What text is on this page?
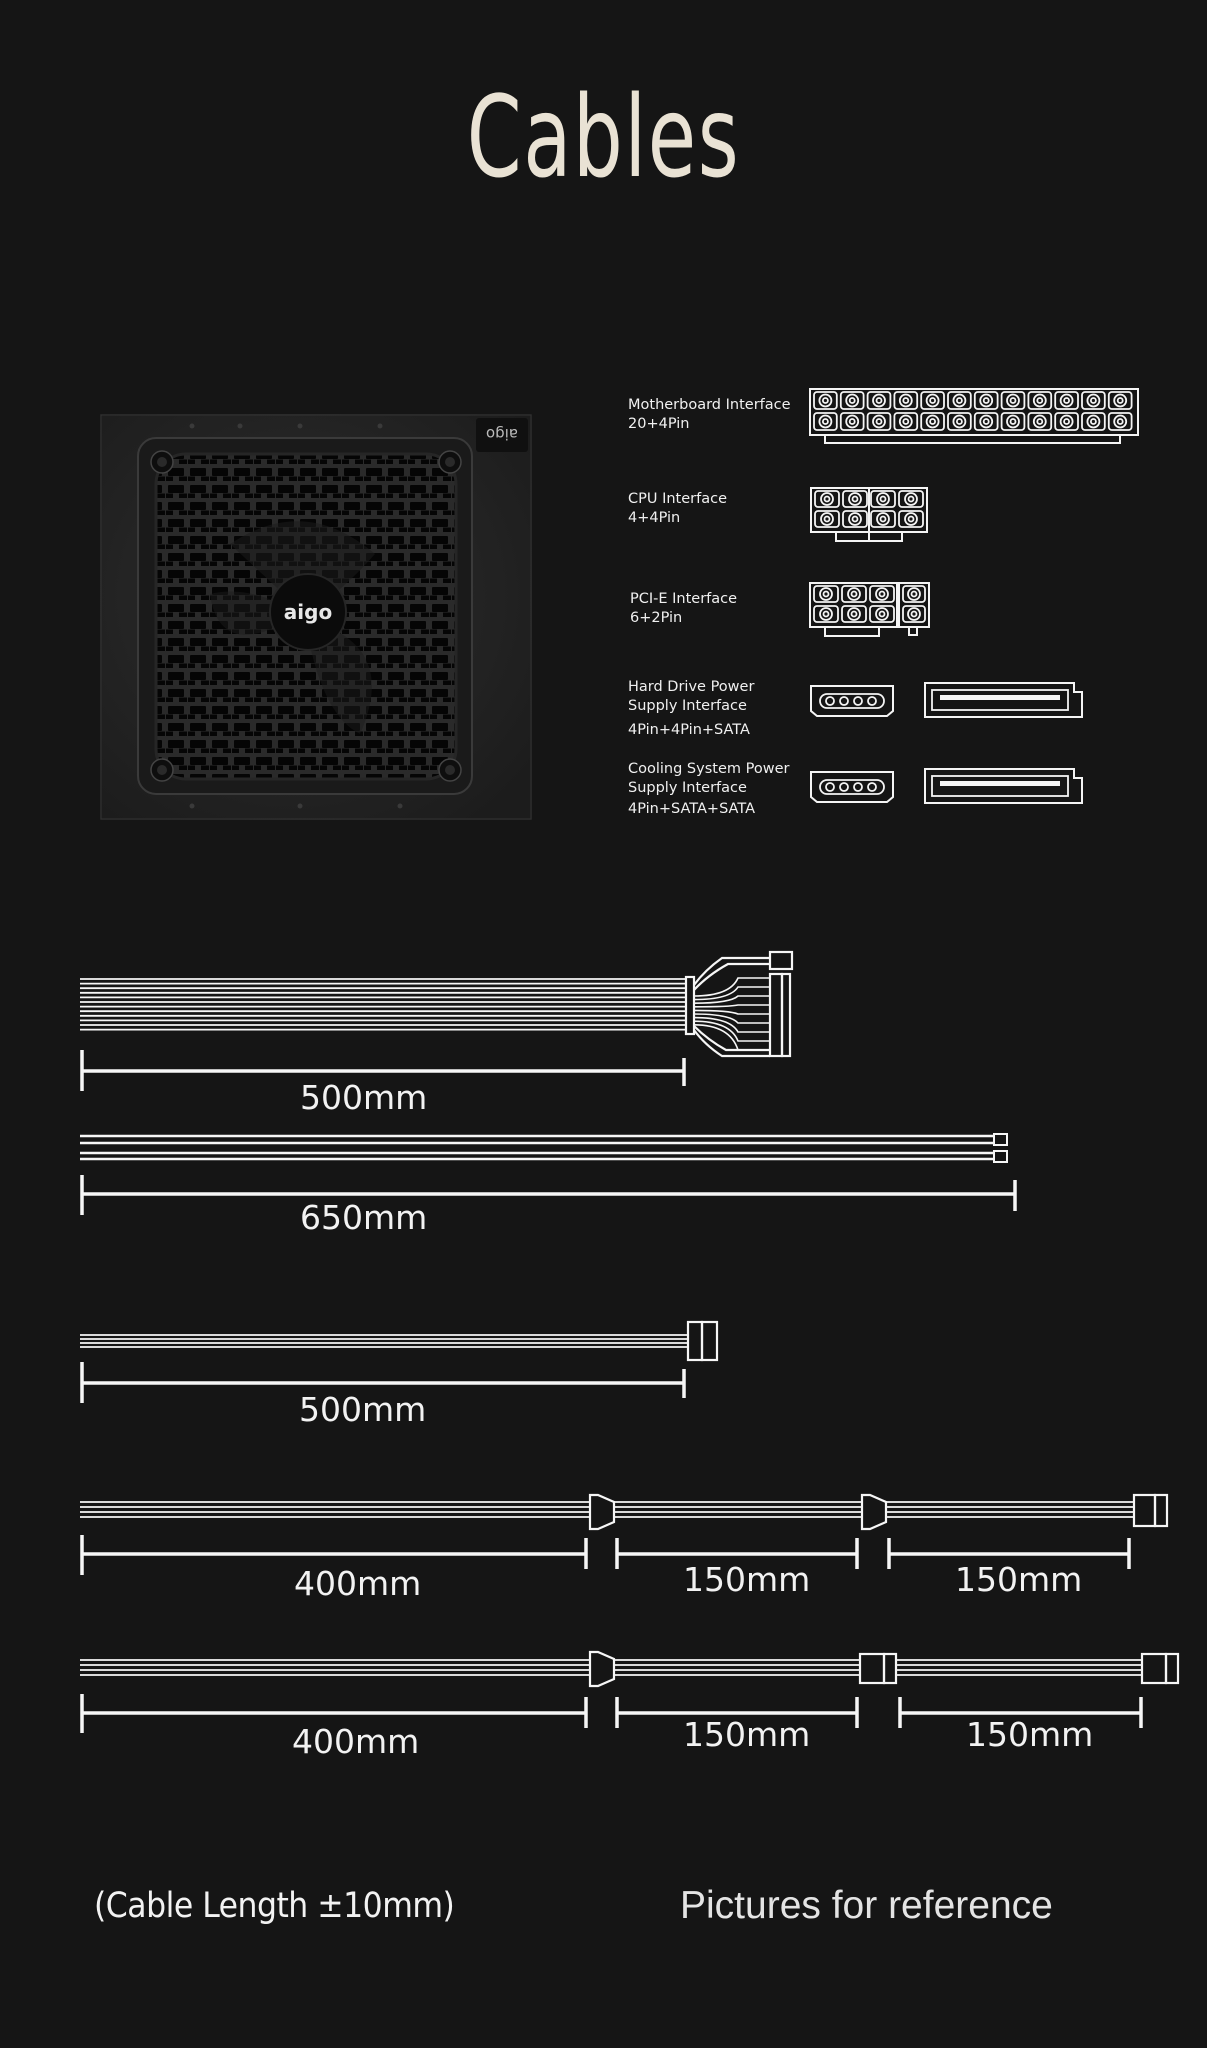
Cables
aigo
aigo
Motherboard Interface
20+4Pin
CPU Interface
4+4Pin
PCI-E Interface
6+2Pin
Hard Drive Power
Supply Interface
4Pin+4Pin+SATA
Cooling System Power
Supply Interface
4Pin+SATA+SATA
500mm
650mm
500mm
400mm	150mm	150mm
400mm	150mm	150mm
(Cable Length ±10mm)	Pictures for reference
